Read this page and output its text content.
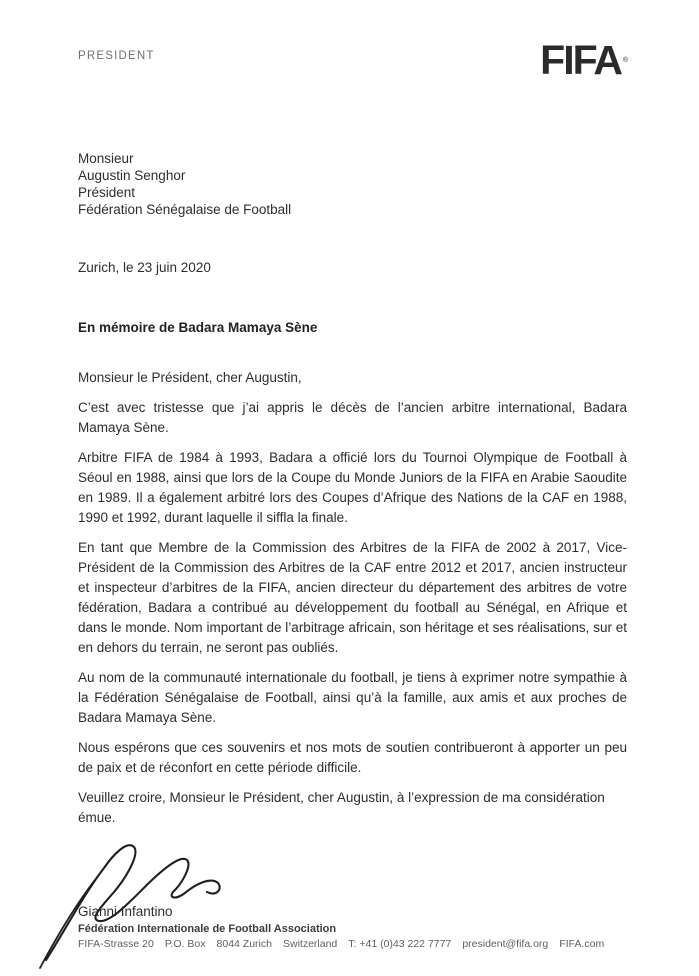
PRESIDENT	FIFA ®
Monsieur
Augustin Senghor
Président
Fédération Sénégalaise de Football
Zurich, le 23 juin 2020
En mémoire de Badara Mamaya Sène
Monsieur le Président, cher Augustin,

C’est avec tristesse que j’ai appris le décès de l’ancien arbitre international, Badara Mamaya Sène.

Arbitre FIFA de 1984 à 1993, Badara a officié lors du Tournoi Olympique de Football à Séoul en 1988, ainsi que lors de la Coupe du Monde Juniors de la FIFA en Arabie Saoudite en 1989. Il a également arbitré lors des Coupes d’Afrique des Nations de la CAF en 1988, 1990 et 1992, durant laquelle il siffla la finale.

En tant que Membre de la Commission des Arbitres de la FIFA de 2002 à 2017, Vice-Président de la Commission des Arbitres de la CAF entre 2012 et 2017, ancien instructeur et inspecteur d’arbitres de la FIFA, ancien directeur du département des arbitres de votre fédération, Badara a contribué au développement du football au Sénégal, en Afrique et dans le monde. Nom important de l’arbitrage africain, son héritage et ses réalisations, sur et en dehors du terrain, ne seront pas oubliés.

Au nom de la communauté internationale du football, je tiens à exprimer notre sympathie à la Fédération Sénégalaise de Football, ainsi qu’à la famille, aux amis et aux proches de Badara Mamaya Sène.

Nous espérons que ces souvenirs et nos mots de soutien contribueront à apporter un peu de paix et de réconfort en cette période difficile.

Veuillez croire, Monsieur le Président, cher Augustin, à l’expression de ma considération émue.

Gianni Infantino
Fédération Internationale de Football Association
FIFA-Strasse 20 P.O. Box 8044 Zurich Switzerland T: +41 (0)43 222 7777 president@fifa.org FIFA.com
